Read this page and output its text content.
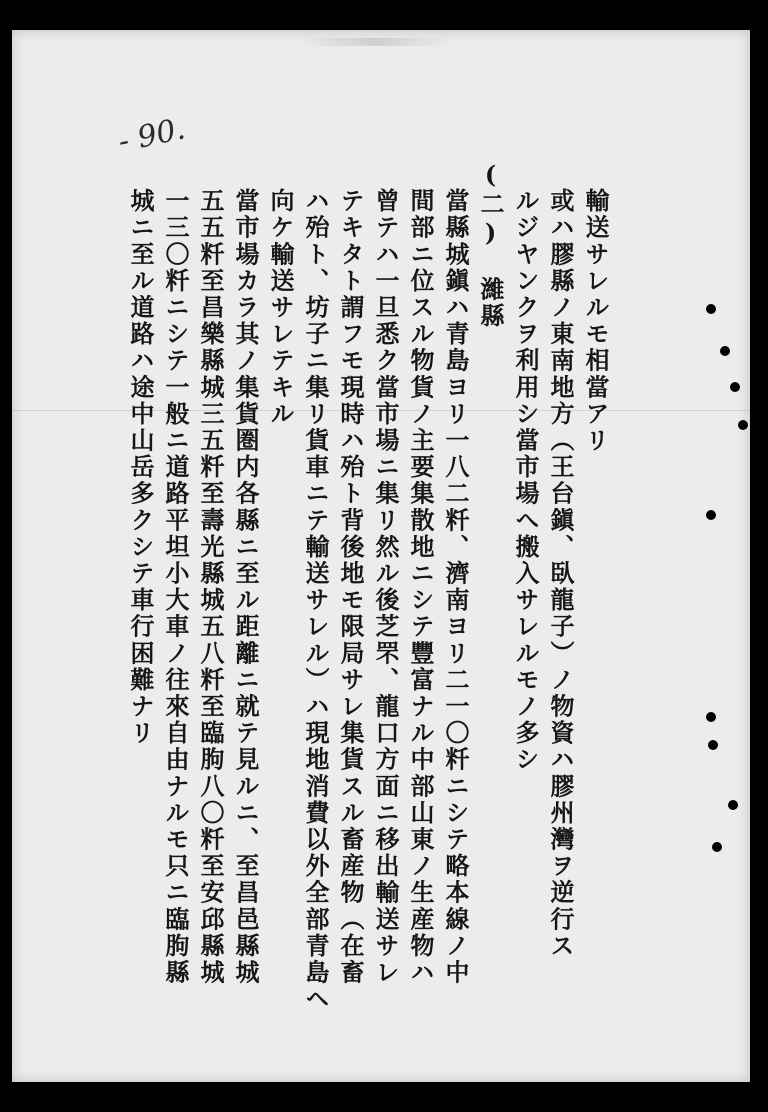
- 90.
輸送サレルモ相當アリ
或ハ膠縣ノ東南地方（王台鎭、臥龍子）ノ物資ハ膠州灣ヲ逆行ス
ルジヤンクヲ利用シ當市場へ搬入サレルモノ多シ
(二)　濰縣
當縣城鎭ハ青島ヨリ一八二粁、濟南ヨリ二一〇粁ニシテ略本線ノ中
間部ニ位スル物貨ノ主要集散地ニシテ豐富ナル中部山東ノ生産物ハ
曾テハ一旦悉ク當市場ニ集リ然ル後芝罘、龍口方面ニ移出輸送サレ
テキタト謂フモ現時ハ殆ト背後地モ限局サレ集貨スル畜産物（在畜
ハ殆ト、坊子ニ集リ貨車ニテ輸送サレル）ハ現地消費以外全部青島ヘ
向ケ輸送サレテキル
當市場カラ其ノ集貨圏内各縣ニ至ル距離ニ就テ見ルニ、至昌邑縣城
五五粁至昌樂縣城三五粁至壽光縣城五八粁至臨朐八〇粁至安邱縣城
一三〇粁ニシテ一般ニ道路平坦小大車ノ往來自由ナルモ只ニ臨朐縣
城ニ至ル道路ハ途中山岳多クシテ車行困難ナリ
